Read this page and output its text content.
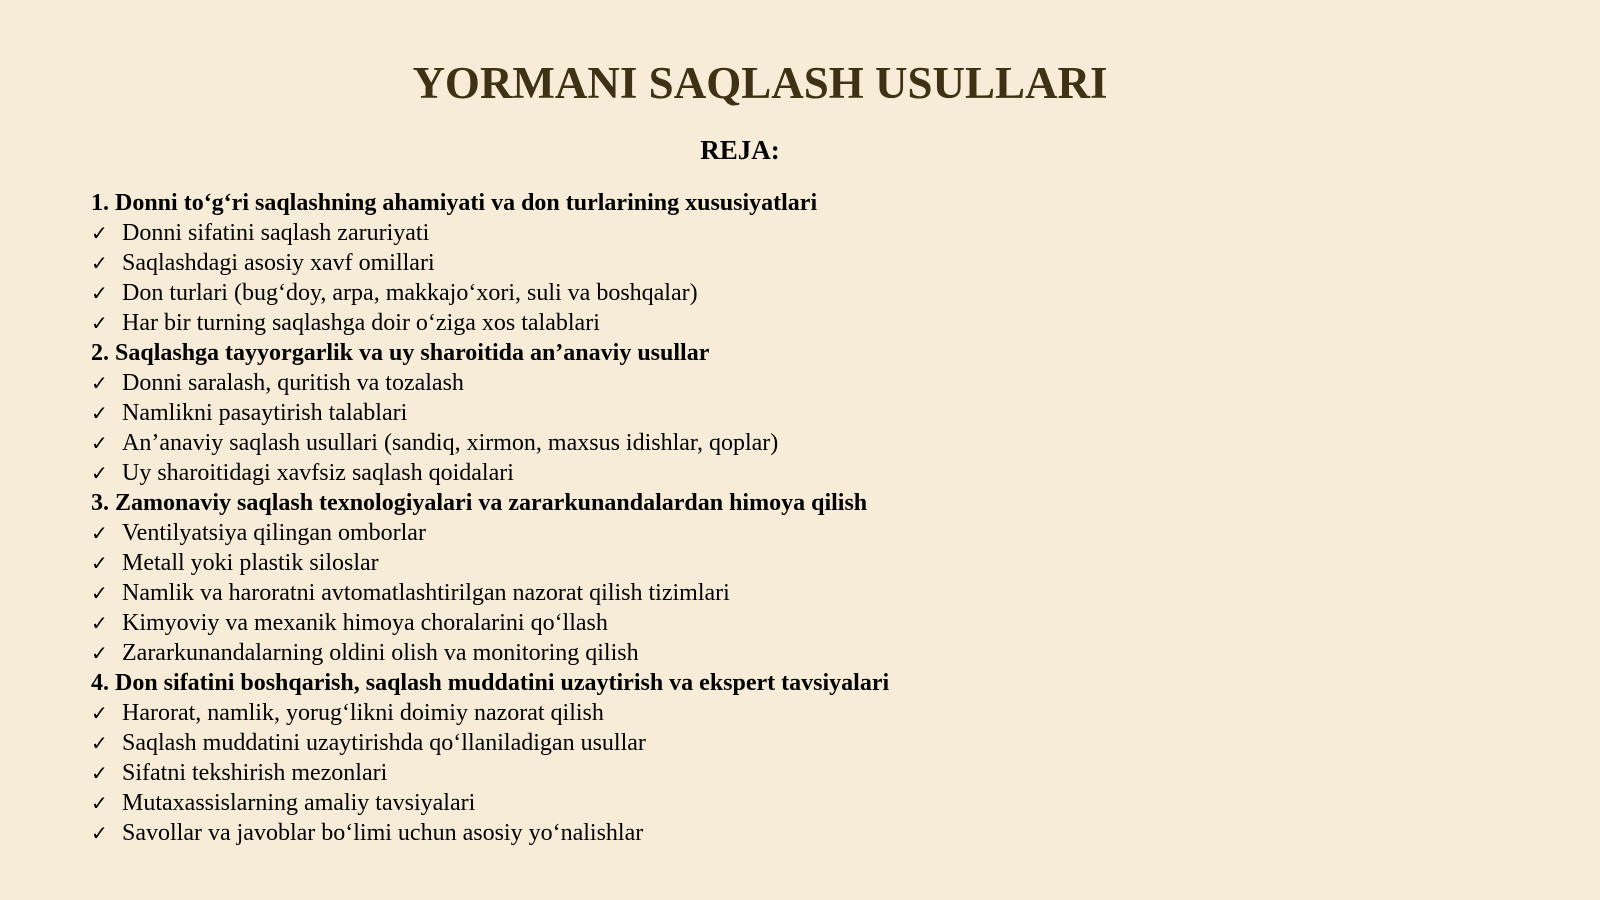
YORMANI SAQLASH USULLARI
REJA:
1. Donni to‘g‘ri saqlashning ahamiyati va don turlarining xususiyatlari
✓ Donni sifatini saqlash zaruriyati
✓ Saqlashdagi asosiy xavf omillari
✓ Don turlari (bug‘doy, arpa, makkajo‘xori, suli va boshqalar)
✓ Har bir turning saqlashga doir o‘ziga xos talablari
2. Saqlashga tayyorgarlik va uy sharoitida an’anaviy usullar
✓ Donni saralash, quritish va tozalash
✓ Namlikni pasaytirish talablari
✓ An’anaviy saqlash usullari (sandiq, xirmon, maxsus idishlar, qoplar)
✓ Uy sharoitidagi xavfsiz saqlash qoidalari
3. Zamonaviy saqlash texnologiyalari va zararkunandalardan himoya qilish
✓ Ventilyatsiya qilingan omborlar
✓ Metall yoki plastik siloslar
✓ Namlik va haroratni avtomatlashtirilgan nazorat qilish tizimlari
✓ Kimyoviy va mexanik himoya choralarini qo‘llash
✓ Zararkunandalarning oldini olish va monitoring qilish
4. Don sifatini boshqarish, saqlash muddatini uzaytirish va ekspert tavsiyalari
✓ Harorat, namlik, yorug‘likni doimiy nazorat qilish
✓ Saqlash muddatini uzaytirishda qo‘llaniladigan usullar
✓ Sifatni tekshirish mezonlari
✓ Mutaxassislarning amaliy tavsiyalari
✓ Savollar va javoblar bo‘limi uchun asosiy yo‘nalishlar
